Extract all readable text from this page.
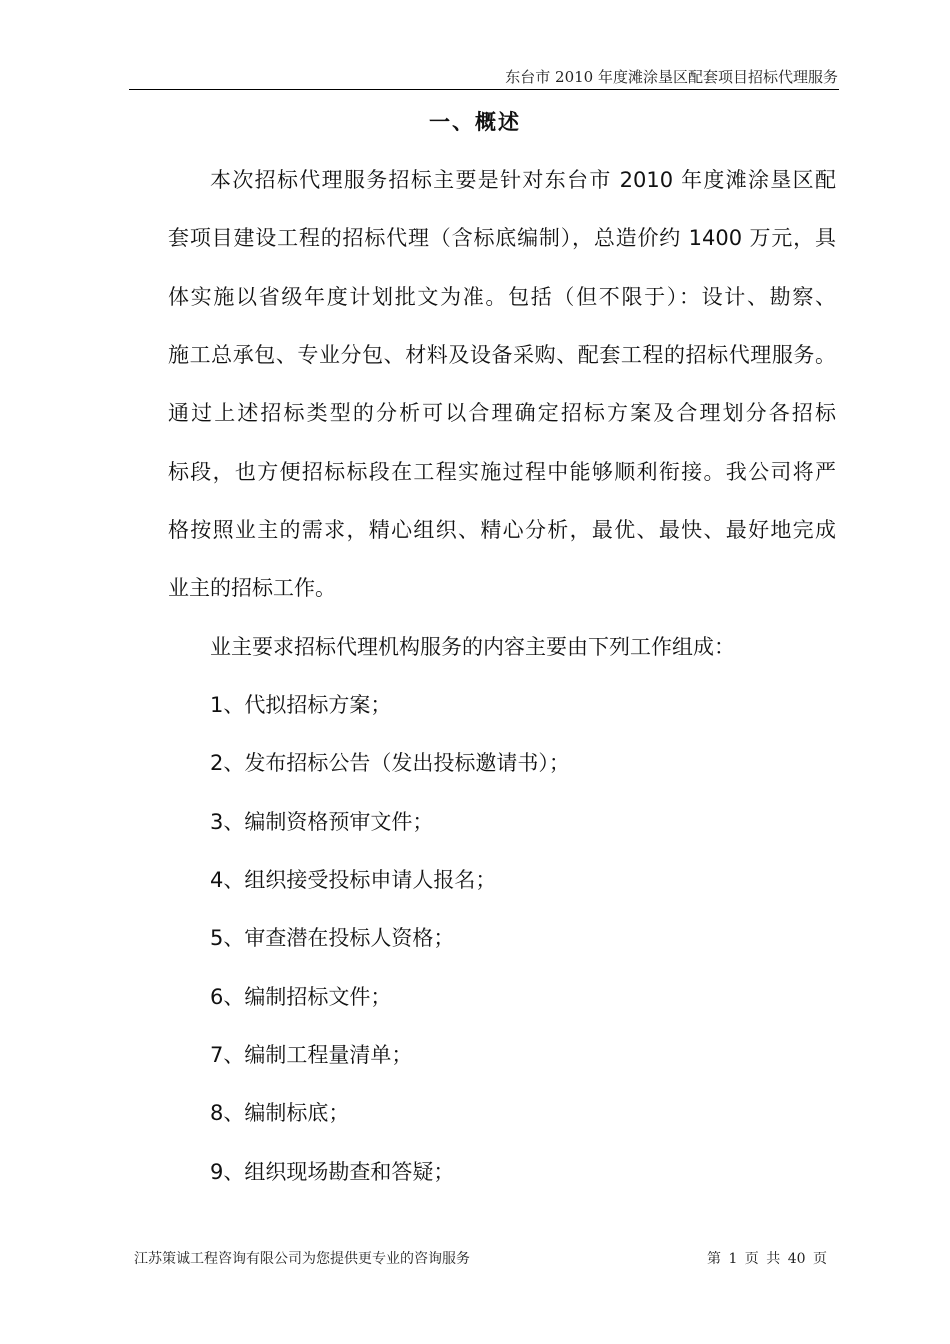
东台市 2010 年度滩涂垦区配套项目招标代理服务
一、概述
本次招标代理服务招标主要是针对东台市 2010 年度滩涂垦区配
套项目建设工程的招标代理（含标底编制），总造价约 1400 万元，具
体实施以省级年度计划批文为准。包括（但不限于）：设计、勘察、
施工总承包、专业分包、材料及设备采购、配套工程的招标代理服务。
通过上述招标类型的分析可以合理确定招标方案及合理划分各招标
标段，也方便招标标段在工程实施过程中能够顺利衔接。我公司将严
格按照业主的需求，精心组织、精心分析，最优、最快、最好地完成
业主的招标工作。
业主要求招标代理机构服务的内容主要由下列工作组成：
1、代拟招标方案；
2、发布招标公告（发出投标邀请书）；
3、编制资格预审文件；
4、组织接受投标申请人报名；
5、审查潜在投标人资格；
6、编制招标文件；
7、编制工程量清单；
8、编制标底；
9、组织现场勘查和答疑；
江苏策诚工程咨询有限公司为您提供更专业的咨询服务	第 1 页 共 40 页
